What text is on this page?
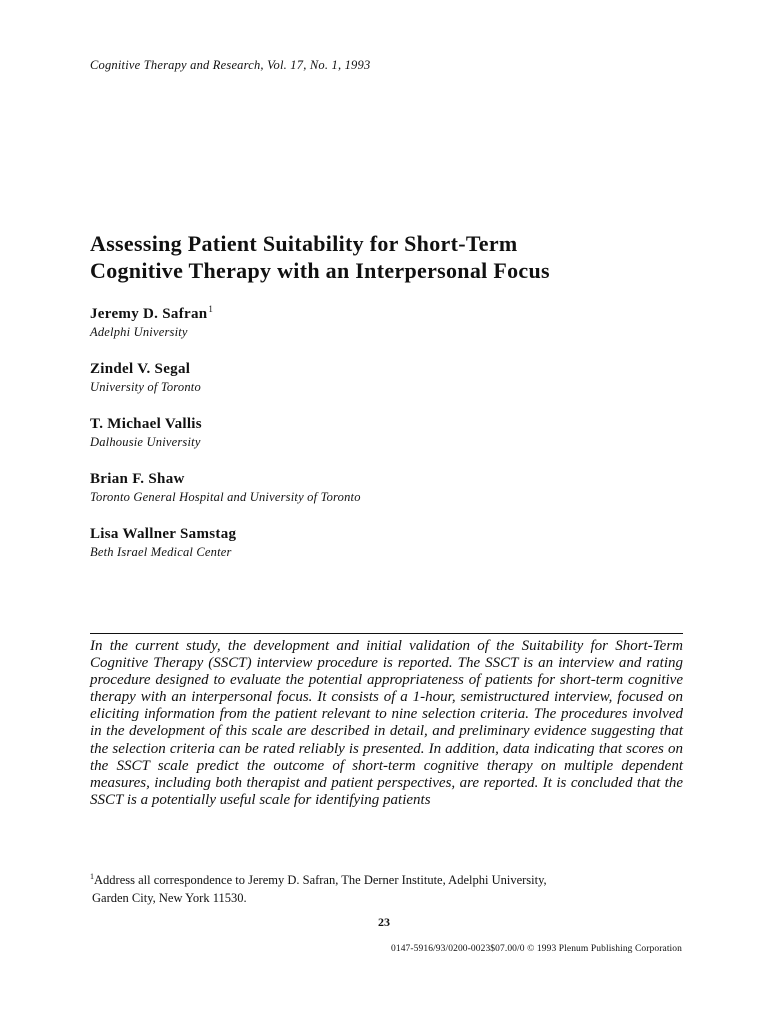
Cognitive Therapy and Research, Vol. 17, No. 1, 1993
Assessing Patient Suitability for Short-Term
Cognitive Therapy with an Interpersonal Focus
Jeremy D. Safran$^1$
Adelphi University
Zindel V. Segal
University of Toronto
T. Michael Vallis
Dalhousie University
Brian F. Shaw
Toronto General Hospital and University of Toronto
Lisa Wallner Samstag
Beth Israel Medical Center

In the current study, the development and initial validation of the Suitability for Short-Term Cognitive Therapy (SSCT) interview procedure is reported. The SSCT is an interview and rating procedure designed to evaluate the potential appropriateness of patients for short-term cognitive therapy with an interpersonal focus. It consists of a 1-hour, semistructured interview, focused on eliciting information from the patient relevant to nine selection criteria. The procedures involved in the development of this scale are described in detail, and preliminary evidence suggesting that the selection criteria can be rated reliably is presented. In addition, data indicating that scores on the SSCT scale predict the outcome of short-term cognitive therapy on multiple dependent measures, including both therapist and patient perspectives, are reported. It is concluded that the SSCT is a potentially useful scale for identifying patients

$^1$Address all correspondence to Jeremy D. Safran, The Derner Institute, Adelphi University,
Garden City, New York 11530.

23
0147-5916/93/0200-0023$07.00/0 © 1993 Plenum Publishing Corporation
